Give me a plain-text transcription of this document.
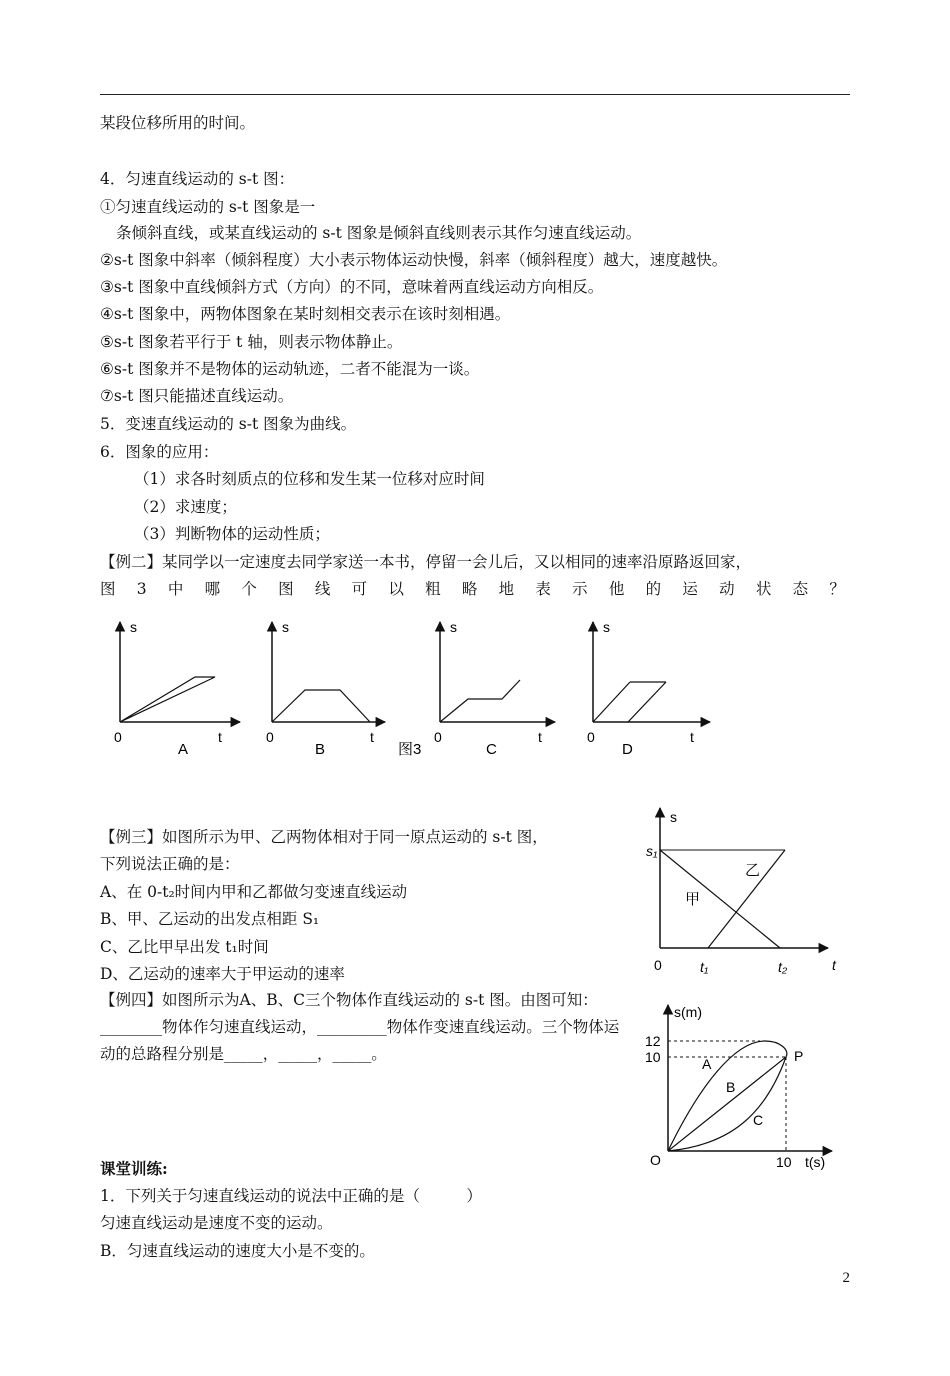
某段位移所用的时间。
4．匀速直线运动的 s-t 图：
①匀速直线运动的 s-t 图象是一
条倾斜直线，或某直线运动的 s-t 图象是倾斜直线则表示其作匀速直线运动。
②s-t 图象中斜率（倾斜程度）大小表示物体运动快慢，斜率（倾斜程度）越大，速度越快。
③s-t 图象中直线倾斜方式（方向）的不同，意味着两直线运动方向相反。
④s-t 图象中，两物体图象在某时刻相交表示在该时刻相遇。
⑤s-t 图象若平行于 t 轴，则表示物体静止。
⑥s-t 图象并不是物体的运动轨迹，二者不能混为一谈。
⑦s-t 图只能描述直线运动。
5．变速直线运动的 s-t 图象为曲线。
6．图象的应用：
（1）求各时刻质点的位移和发生某一位移对应时间
（2）求速度；
（3）判断物体的运动性质；
【例二】某同学以一定速度去同学家送一本书，停留一会儿后，又以相同的速率沿原路返回家，
图 3 中 哪 个 图 线 可 以 粗 略 地 表 示 他 的 运 动 状 态 ？
s
0	t
A
s
0	t
B	图3
s
0	t
C
s
0	t
D
【例三】如图所示为甲、乙两物体相对于同一原点运动的 s-t 图，
下列说法正确的是：
A、在 0-t₂时间内甲和乙都做匀变速直线运动
B、甲、乙运动的出发点相距 S₁
C、乙比甲早出发 t₁时间
D、乙运动的速率大于甲运动的速率
s
s₁
乙
甲
0	t₁	t₂	t
【例四】如图所示为A、B、C三个物体作直线运动的 s-t 图。由图可知：________物体作匀速直线运动，_________物体作变速直线运动。三个物体运动的总路程分别是_____，_____，_____。
s(m)
12
10	A
B
C
P
O	10 t(s)
课堂训练:
1．下列关于匀速直线运动的说法中正确的是（　　　）
匀速直线运动是速度不变的运动。
B．匀速直线运动的速度大小是不变的。
2
